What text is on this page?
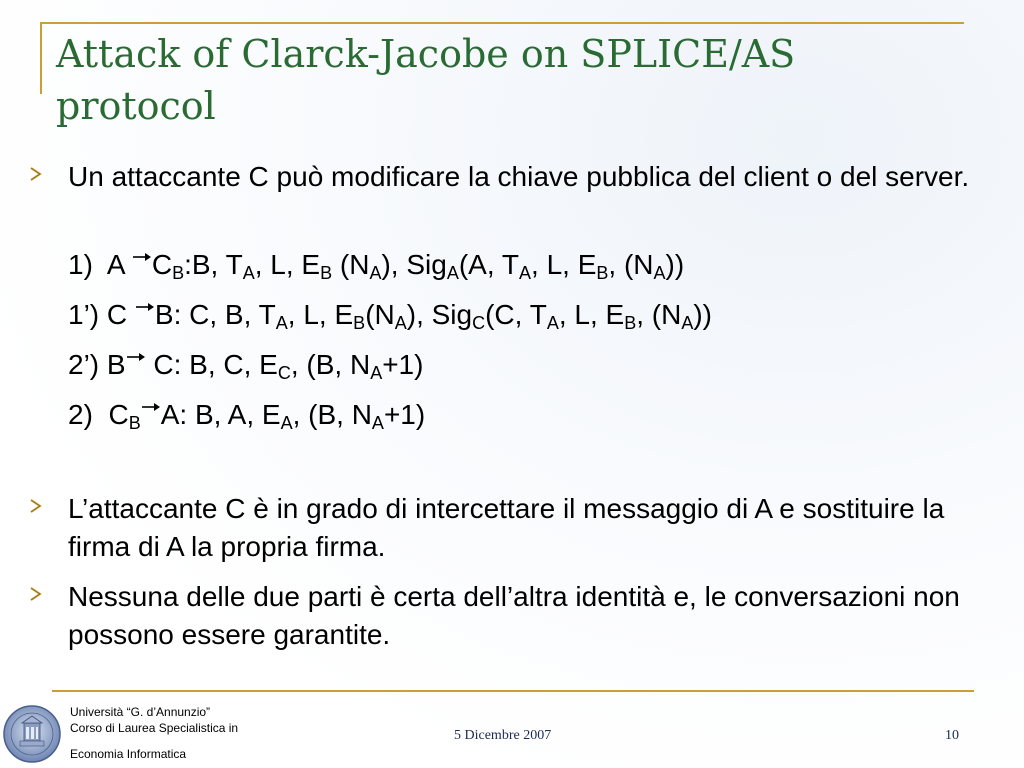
Attack of Clarck-Jacobe on SPLICE/AS protocol
Un attaccante C può modificare la chiave pubblica del client o del server.
1) A $C_B:B$, $T_A$, L, $E_B$ $(N_A)$, Sig$_A$(A, $T_A$, L, $E_B$, $(N_A)$)
1’) C B: C, B, $T_A$, L, $E_B(N_A)$, Sig$_C$(C, $T_A$, L, $E_B$, $(N_A)$)
2’) B C: B, C, $E_C$, (B, $N_A+1$)
2) $C_B$ A: B, A, $E_A$, (B, $N_A+1$)
L’attaccante C è in grado di intercettare il messaggio di A e sostituire la firma di A la propria firma.
Nessuna delle due parti è certa dell’altra identità e, le conversazioni non possono essere garantite.
Università “G. d’Annunzio”
Corso di Laurea Specialistica in
Economia Informatica
5 Dicembre 2007	10
